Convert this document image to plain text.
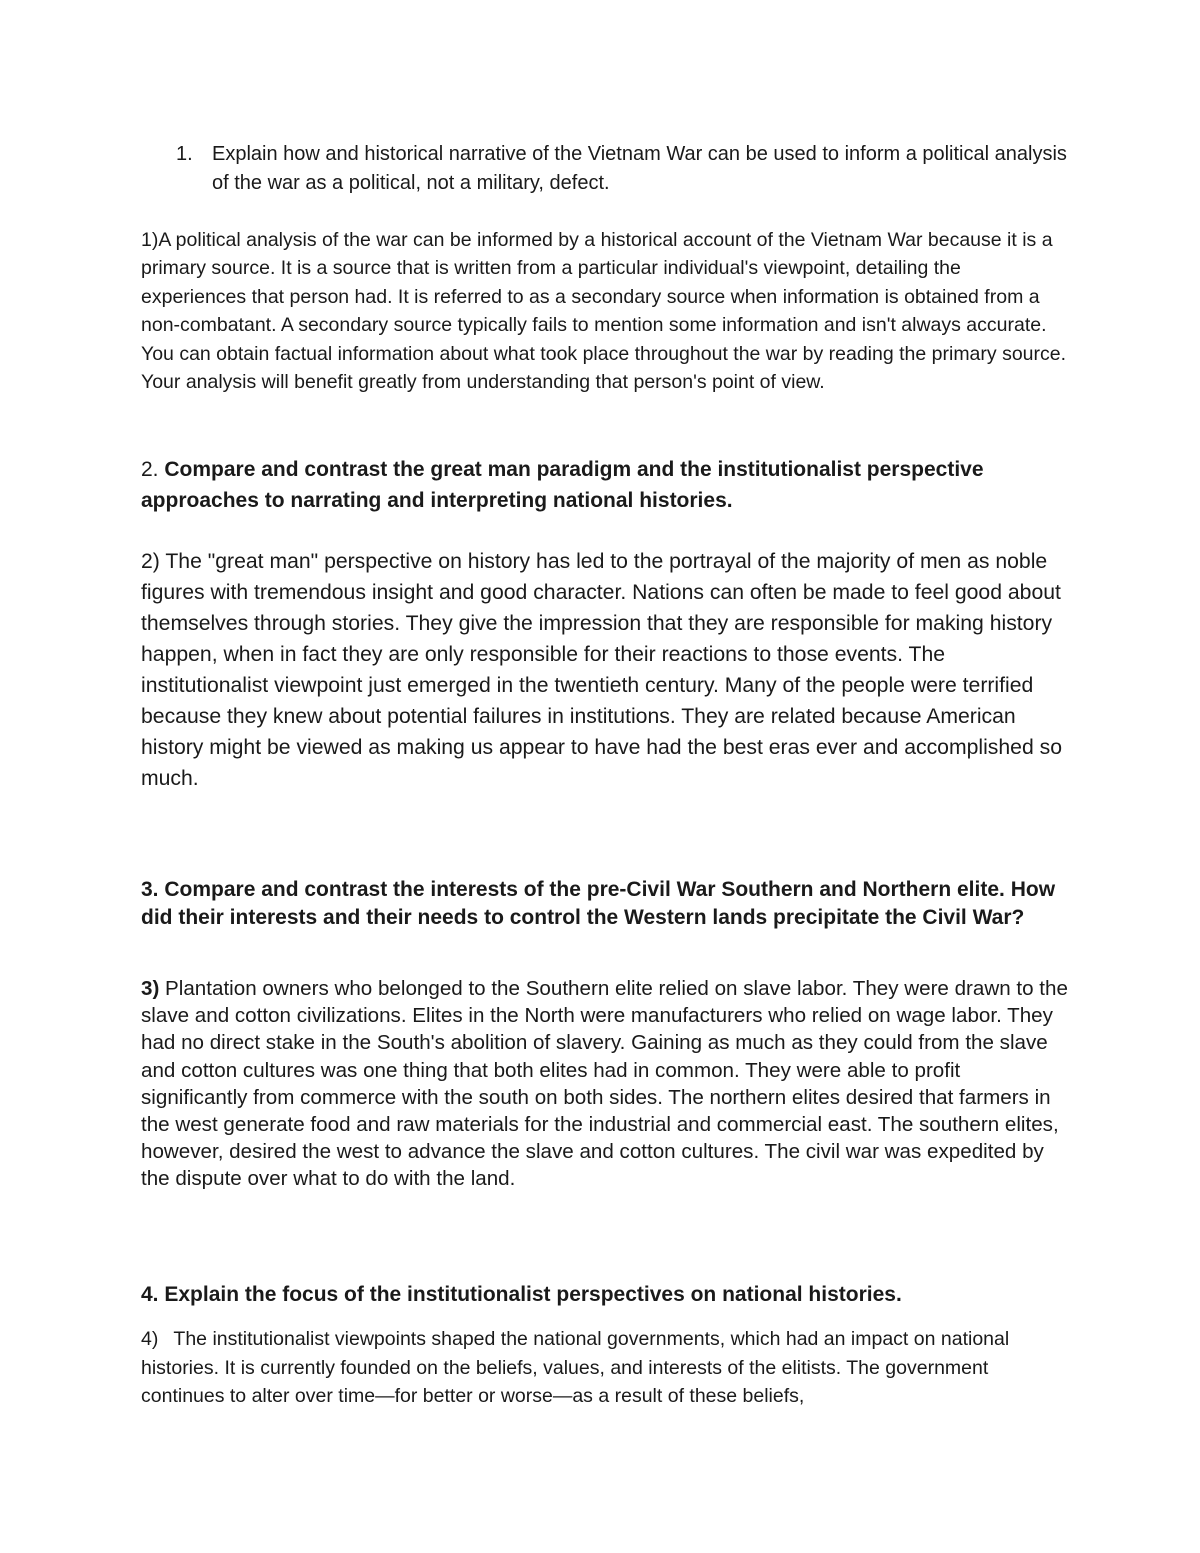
1. Explain how and historical narrative of the Vietnam War can be used to inform a political analysis of the war as a political, not a military, defect.
1)A political analysis of the war can be informed by a historical account of the Vietnam War because it is a primary source. It is a source that is written from a particular individual's viewpoint, detailing the experiences that person had. It is referred to as a secondary source when information is obtained from a non-combatant. A secondary source typically fails to mention some information and isn't always accurate. You can obtain factual information about what took place throughout the war by reading the primary source. Your analysis will benefit greatly from understanding that person's point of view.
2. Compare and contrast the great man paradigm and the institutionalist perspective approaches to narrating and interpreting national histories.
2) The "great man" perspective on history has led to the portrayal of the majority of men as noble figures with tremendous insight and good character. Nations can often be made to feel good about themselves through stories. They give the impression that they are responsible for making history happen, when in fact they are only responsible for their reactions to those events. The institutionalist viewpoint just emerged in the twentieth century. Many of the people were terrified because they knew about potential failures in institutions. They are related because American history might be viewed as making us appear to have had the best eras ever and accomplished so much.
3. Compare and contrast the interests of the pre-Civil War Southern and Northern elite. How did their interests and their needs to control the Western lands precipitate the Civil War?
3) Plantation owners who belonged to the Southern elite relied on slave labor. They were drawn to the slave and cotton civilizations. Elites in the North were manufacturers who relied on wage labor. They had no direct stake in the South's abolition of slavery. Gaining as much as they could from the slave and cotton cultures was one thing that both elites had in common. They were able to profit significantly from commerce with the south on both sides. The northern elites desired that farmers in the west generate food and raw materials for the industrial and commercial east. The southern elites, however, desired the west to advance the slave and cotton cultures. The civil war was expedited by the dispute over what to do with the land.
4. Explain the focus of the institutionalist perspectives on national histories.
4) The institutionalist viewpoints shaped the national governments, which had an impact on national histories. It is currently founded on the beliefs, values, and interests of the elitists. The government continues to alter over time—for better or worse—as a result of these beliefs,
